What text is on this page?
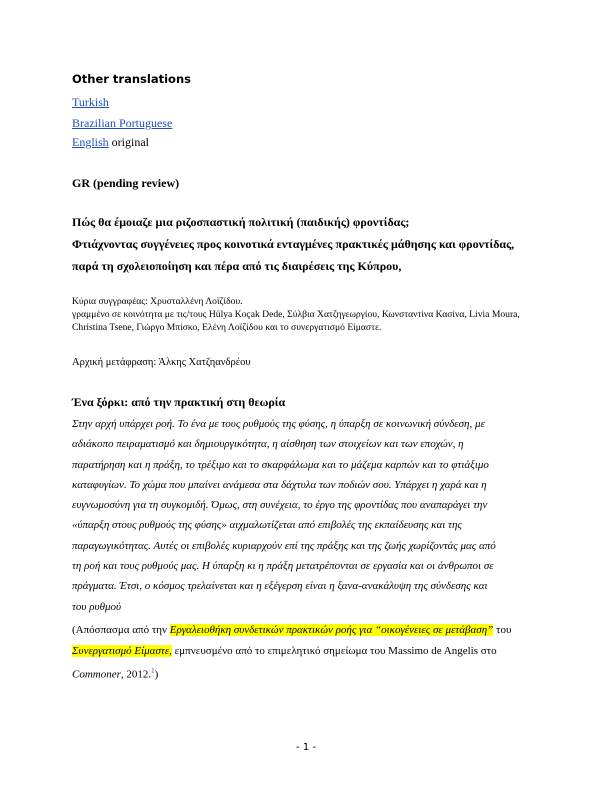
Other translations
Turkish
Brazilian Portuguese
English original
GR (pending review)
Πώς θα έμοιαζε μια ριζοσπαστική πολιτική (παιδικής) φροντίδας;
Φτιάχνοντας συγγένειες προς κοινοτικά ενταγμένες πρακτικές μάθησης και φροντίδας,
παρά τη σχολειοποίηση και πέρα από τις διαιρέσεις της Κύπρου,
Κύρια συγγραφέας: Χρυσταλλένη Λοϊζίδου.
γραμμένο σε κοινότητα με τις/τους Hülya Koçak Dede, Σύλβια Χατζηγεωργίου, Κωνσταντίνα Κασίνα, Livia Moura,
Christina Tsene, Γιώργο Μπίσκο, Ελένη Λοϊζίδου και το συνεργατισμό Είμαστε.
Αρχική μετάφραση: Άλκης Χατζηανδρέου
Ένα ξόρκι: από την πρακτική στη θεωρία
Στην αρχή υπάρχει ροή. Το ένα με τους ρυθμούς της φύσης, η ύπαρξη σε κοινωνική σύνδεση, με
αδιάκοπο πειραματισμό και δημιουργικότητα, η αίσθηση των στοιχείων και των εποχών, η
παρατήρηση και η πράξη, το τρέξιμο και το σκαρφάλωμα και το μάζεμα καρπών και το φτιάξιμο
καταφυγίων. Το χώμα που μπαίνει ανάμεσα στα δάχτυλα των ποδιών σου. Υπάρχει η χαρά και η
ευγνωμοσύνη για τη συγκομιδή. Όμως, στη συνέχεια, το έργο της φροντίδας που αναπαράγει την
«ύπαρξη στους ρυθμούς της φύσης» αιχμαλωτίζεται από επιβολές της εκπαίδευσης και της
παραγωγικότητας. Αυτές οι επιβολές κυριαρχούν επί της πράξης και της ζωής χωρίζοντάς μας από
τη ροή και τους ρυθμούς μας. Η ύπαρξη κι η πράξη μετατρέπονται σε εργασία και οι άνθρωποι σε
πράγματα. Έτσι, ο κόσμος τρελαίνεται και η εξέγερση είναι η ξανα-ανακάλυψη της σύνδεσης και
του ρυθμού
(Απόσπασμα από την Εργαλειοθήκη συνδετικών πρακτικών ροής για “οικογένειες σε μετάβαση” του
Συνεργατισμό Είμαστε, εμπνευσμένο από το επιμελητικό σημείωμα του Massimo de Angelis στο
Commoner, 2012.$^1$)
- 1 -
